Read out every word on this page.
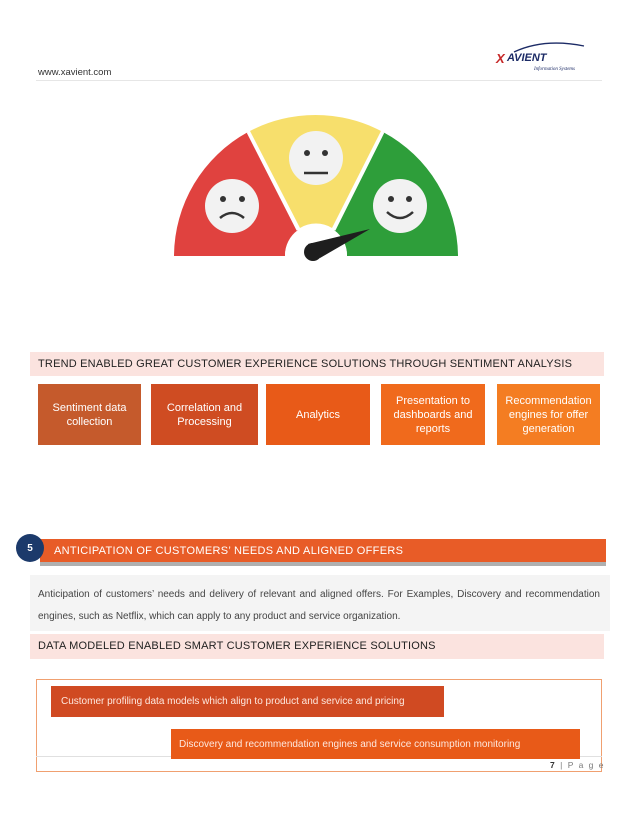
www.xavient.com
X AVIENT
Information Systems
TREND ENABLED GREAT CUSTOMER EXPERIENCE SOLUTIONS THROUGH SENTIMENT ANALYSIS
Sentiment data collection
Correlation and Processing
Analytics
Presentation to dashboards and reports
Recommendation engines for offer generation
ANTICIPATION OF CUSTOMERS’ NEEDS AND ALIGNED OFFERS
5
Anticipation of customers’ needs and delivery of relevant and aligned offers. For Examples, Discovery and recommendation engines, such as Netflix, which can apply to any product and service organization.
DATA MODELED ENABLED SMART CUSTOMER EXPERIENCE SOLUTIONS
Customer profiling data models which align to product and service and pricing
Discovery and recommendation engines and service consumption monitoring
7 | P a g e
